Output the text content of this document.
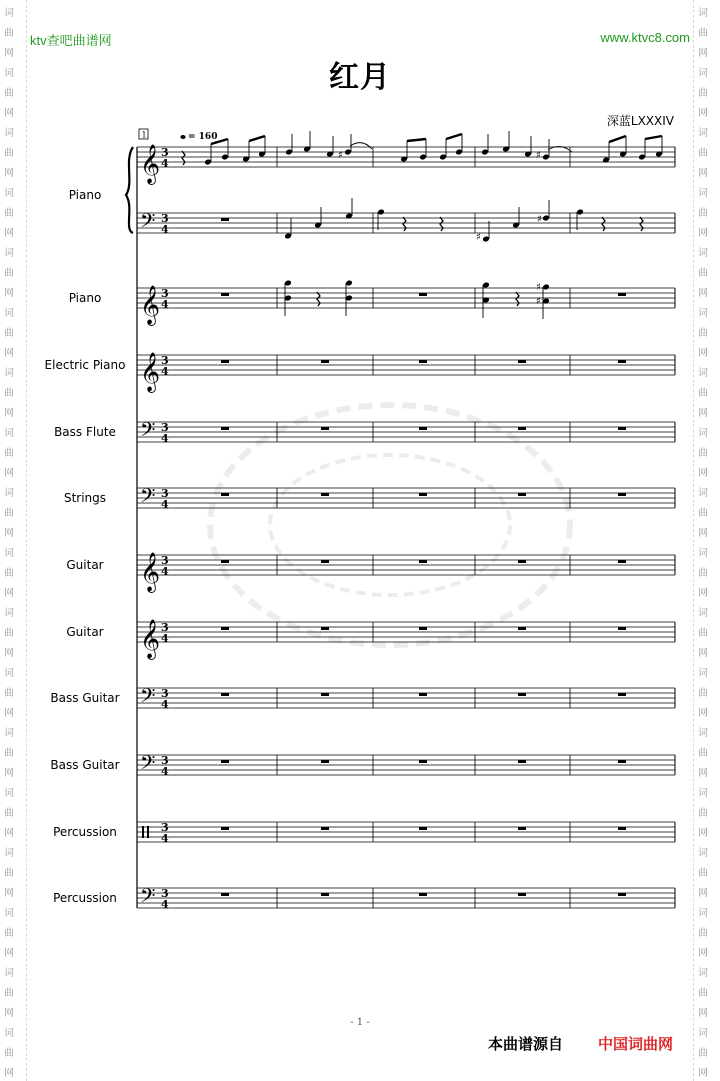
词
曲
网
词
曲
网
词
曲
网
词
曲
网
词
曲
网
词
曲
网
词
曲
网
词
曲
网
词
曲
网
词
曲
网
词
曲
网
词
曲
网
词
曲
网
词
曲
网
词
曲
网
词
曲
网
词
曲
网
词
曲
网
词
曲
网
词
曲
网
词
曲
网
词
曲
网
词
曲
网
词
曲
网
词
曲
网
词
曲
网
词
曲
网
词
曲
网
词
曲
网
词
曲
网
词
曲
网
词
曲
网
词
曲
网
词
曲
网
词
曲
网
词
曲
网
ktv查吧曲谱网	www.ktvc8.com
红月
深蓝LXXXIV
𝄞 3
4
𝄢 3
4
𝄞 3
4
𝄞 3
4
𝄢 3
4
𝄢 3
4
𝄞 3
4
𝄞 3
4
𝄢 3
4
𝄢 3
4
3
4
𝄢 3
4
1	= 160
♯	♯
♯
♯
♯
♯
Piano
Piano
Electric Piano
Bass Flute
Strings
Guitar
Guitar
Bass Guitar
Bass Guitar
Percussion
Percussion
- 1 -
本曲谱源自 中国词曲网
